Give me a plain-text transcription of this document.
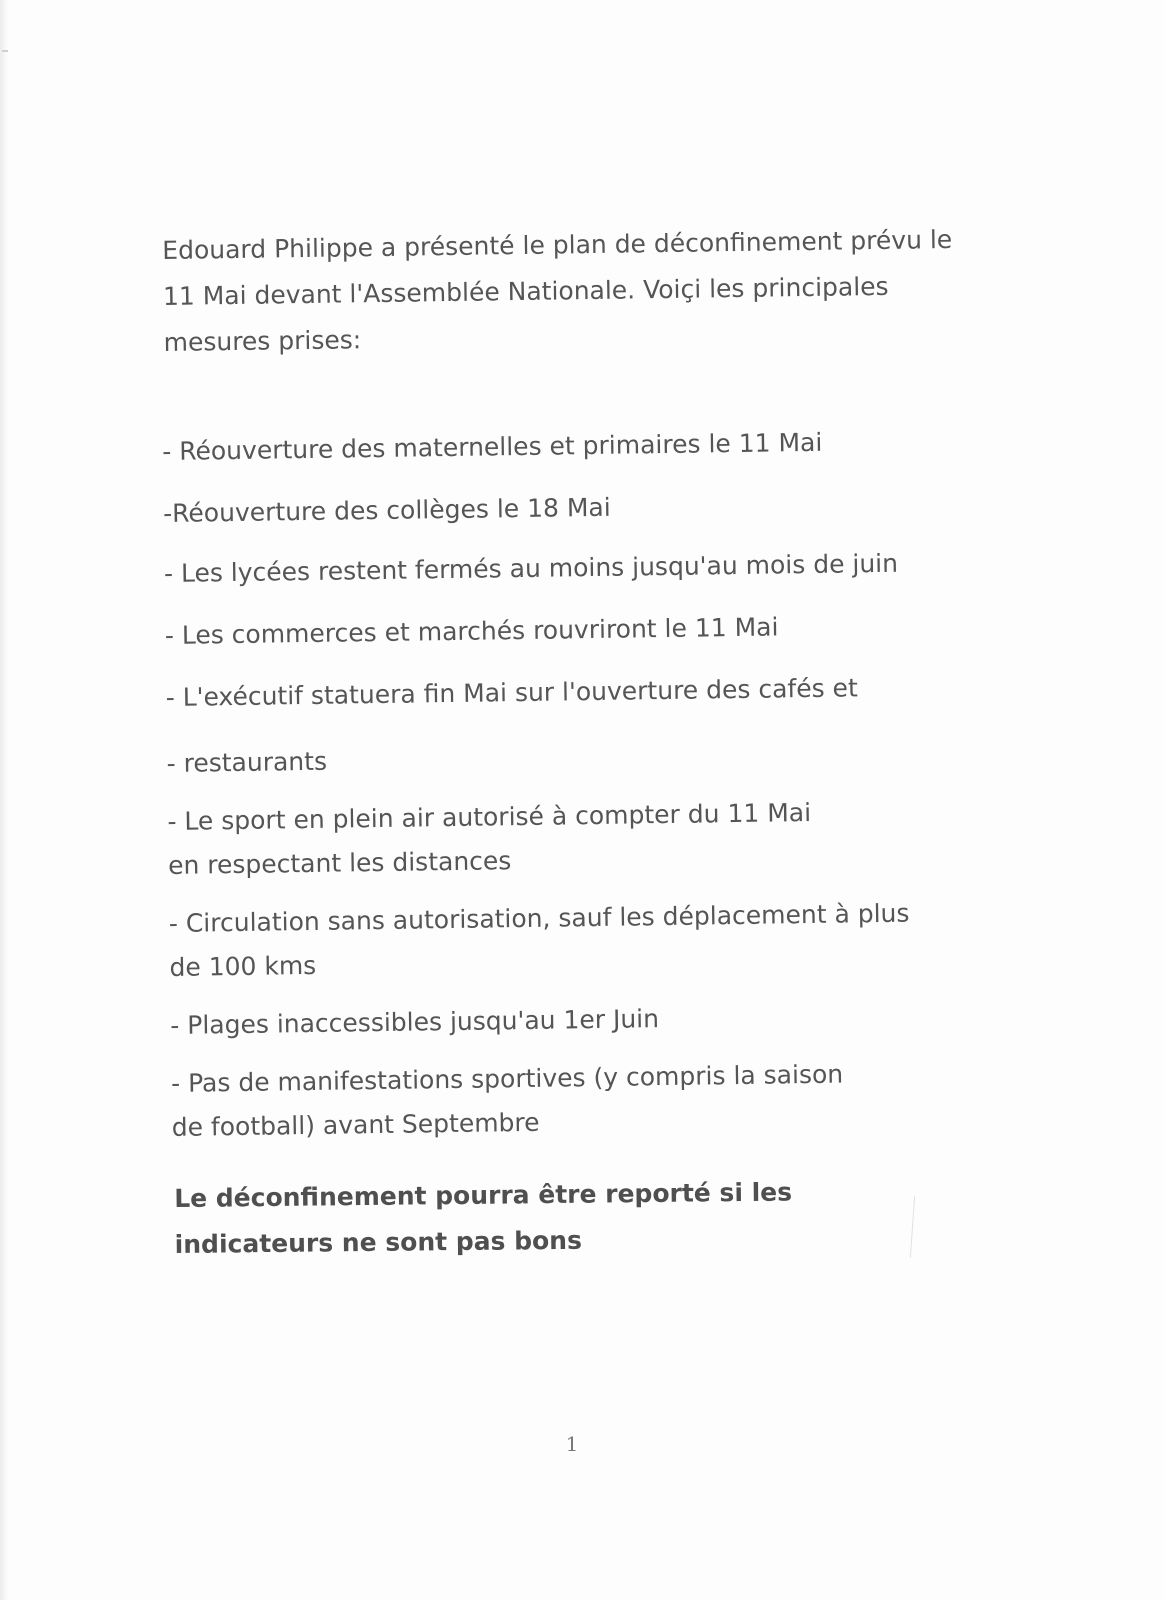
Edouard Philippe a présenté le plan de déconfinement prévu le 11 Mai devant l'Assemblée Nationale. Voiçi les principales mesures prises:

- Réouverture des maternelles et primaires le 11 Mai
-Réouverture des collèges le 18 Mai
- Les lycées restent fermés au moins jusqu'au mois de juin
- Les commerces et marchés rouvriront le 11 Mai
- L'exécutif statuera fin Mai sur l'ouverture des cafés et
- restaurants
- Le sport en plein air autorisé à compter du 11 Mai en respectant les distances
- Circulation sans autorisation, sauf les déplacement à plus de 100 kms
- Plages inaccessibles jusqu'au 1er Juin
- Pas de manifestations sportives (y compris la saison de football) avant Septembre

Le déconfinement pourra être reporté si les indicateurs ne sont pas bons

1
